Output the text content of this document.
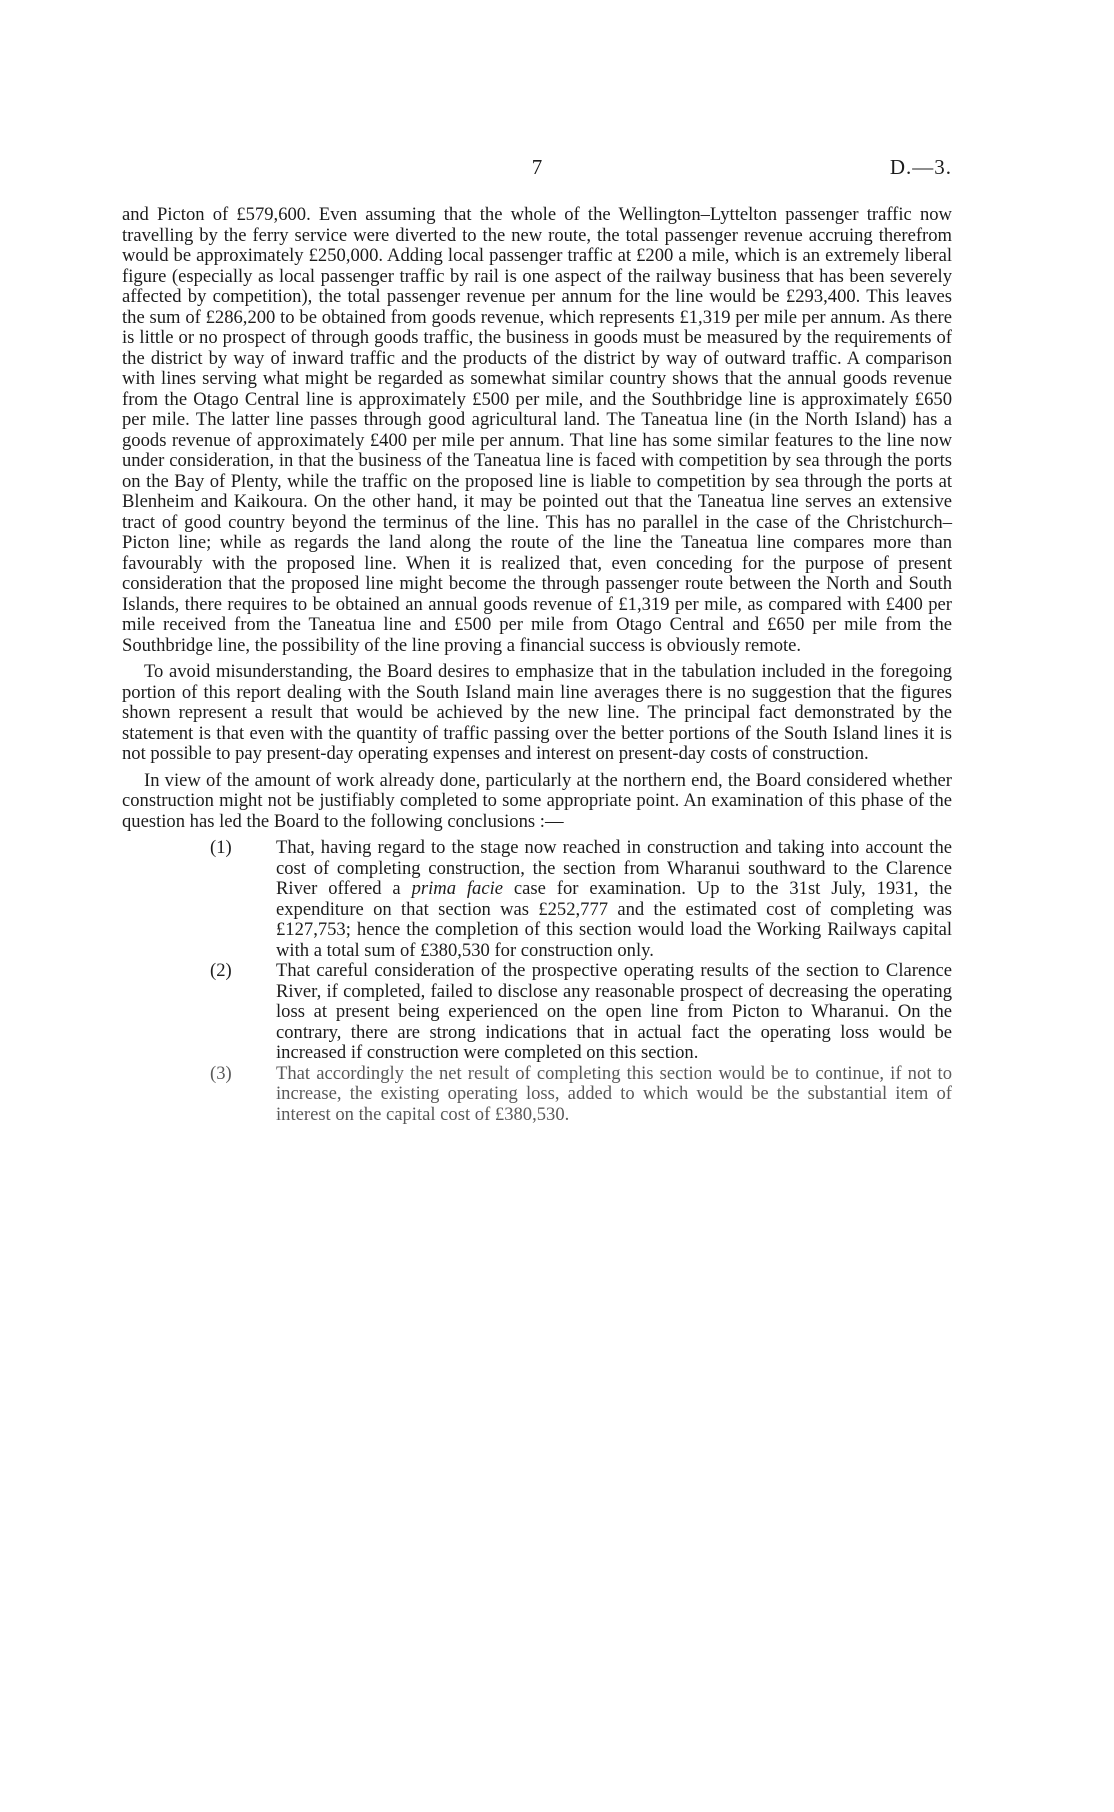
7	D.—3.

and Picton of £579,600. Even assuming that the whole of the Wellington–Lyttelton passenger traffic now travelling by the ferry service were diverted to the new route, the total passenger revenue accruing therefrom would be approximately £250,000. Adding local passenger traffic at £200 a mile, which is an extremely liberal figure (especially as local passenger traffic by rail is one aspect of the railway business that has been severely affected by competition), the total passenger revenue per annum for the line would be £293,400. This leaves the sum of £286,200 to be obtained from goods revenue, which represents £1,319 per mile per annum. As there is little or no prospect of through goods traffic, the business in goods must be measured by the requirements of the district by way of inward traffic and the products of the district by way of outward traffic. A comparison with lines serving what might be regarded as somewhat similar country shows that the annual goods revenue from the Otago Central line is approximately £500 per mile, and the Southbridge line is approximately £650 per mile. The latter line passes through good agricultural land. The Taneatua line (in the North Island) has a goods revenue of approximately £400 per mile per annum. That line has some similar features to the line now under consideration, in that the business of the Taneatua line is faced with competition by sea through the ports on the Bay of Plenty, while the traffic on the proposed line is liable to competition by sea through the ports at Blenheim and Kaikoura. On the other hand, it may be pointed out that the Taneatua line serves an extensive tract of good country beyond the terminus of the line. This has no parallel in the case of the Christchurch–Picton line; while as regards the land along the route of the line the Taneatua line compares more than favourably with the proposed line. When it is realized that, even conceding for the purpose of present consideration that the proposed line might become the through passenger route between the North and South Islands, there requires to be obtained an annual goods revenue of £1,319 per mile, as compared with £400 per mile received from the Taneatua line and £500 per mile from Otago Central and £650 per mile from the Southbridge line, the possibility of the line proving a financial success is obviously remote.

To avoid misunderstanding, the Board desires to emphasize that in the tabulation included in the foregoing portion of this report dealing with the South Island main line averages there is no suggestion that the figures shown represent a result that would be achieved by the new line. The principal fact demonstrated by the statement is that even with the quantity of traffic passing over the better portions of the South Island lines it is not possible to pay present-day operating expenses and interest on present-day costs of construction.

In view of the amount of work already done, particularly at the northern end, the Board considered whether construction might not be justifiably completed to some appropriate point. An examination of this phase of the question has led the Board to the following conclusions :—

(1) That, having regard to the stage now reached in construction and taking into account the cost of completing construction, the section from Wharanui southward to the Clarence River offered a prima facie case for examination. Up to the 31st July, 1931, the expenditure on that section was £252,777 and the estimated cost of completing was £127,753; hence the completion of this section would load the Working Railways capital with a total sum of £380,530 for construction only.
(2) That careful consideration of the prospective operating results of the section to Clarence River, if completed, failed to disclose any reasonable prospect of decreasing the operating loss at present being experienced on the open line from Picton to Wharanui. On the contrary, there are strong indications that in actual fact the operating loss would be increased if construction were completed on this section.
(3) That accordingly the net result of completing this section would be to continue, if not to increase, the existing operating loss, added to which would be the substantial item of interest on the capital cost of £380,530.
